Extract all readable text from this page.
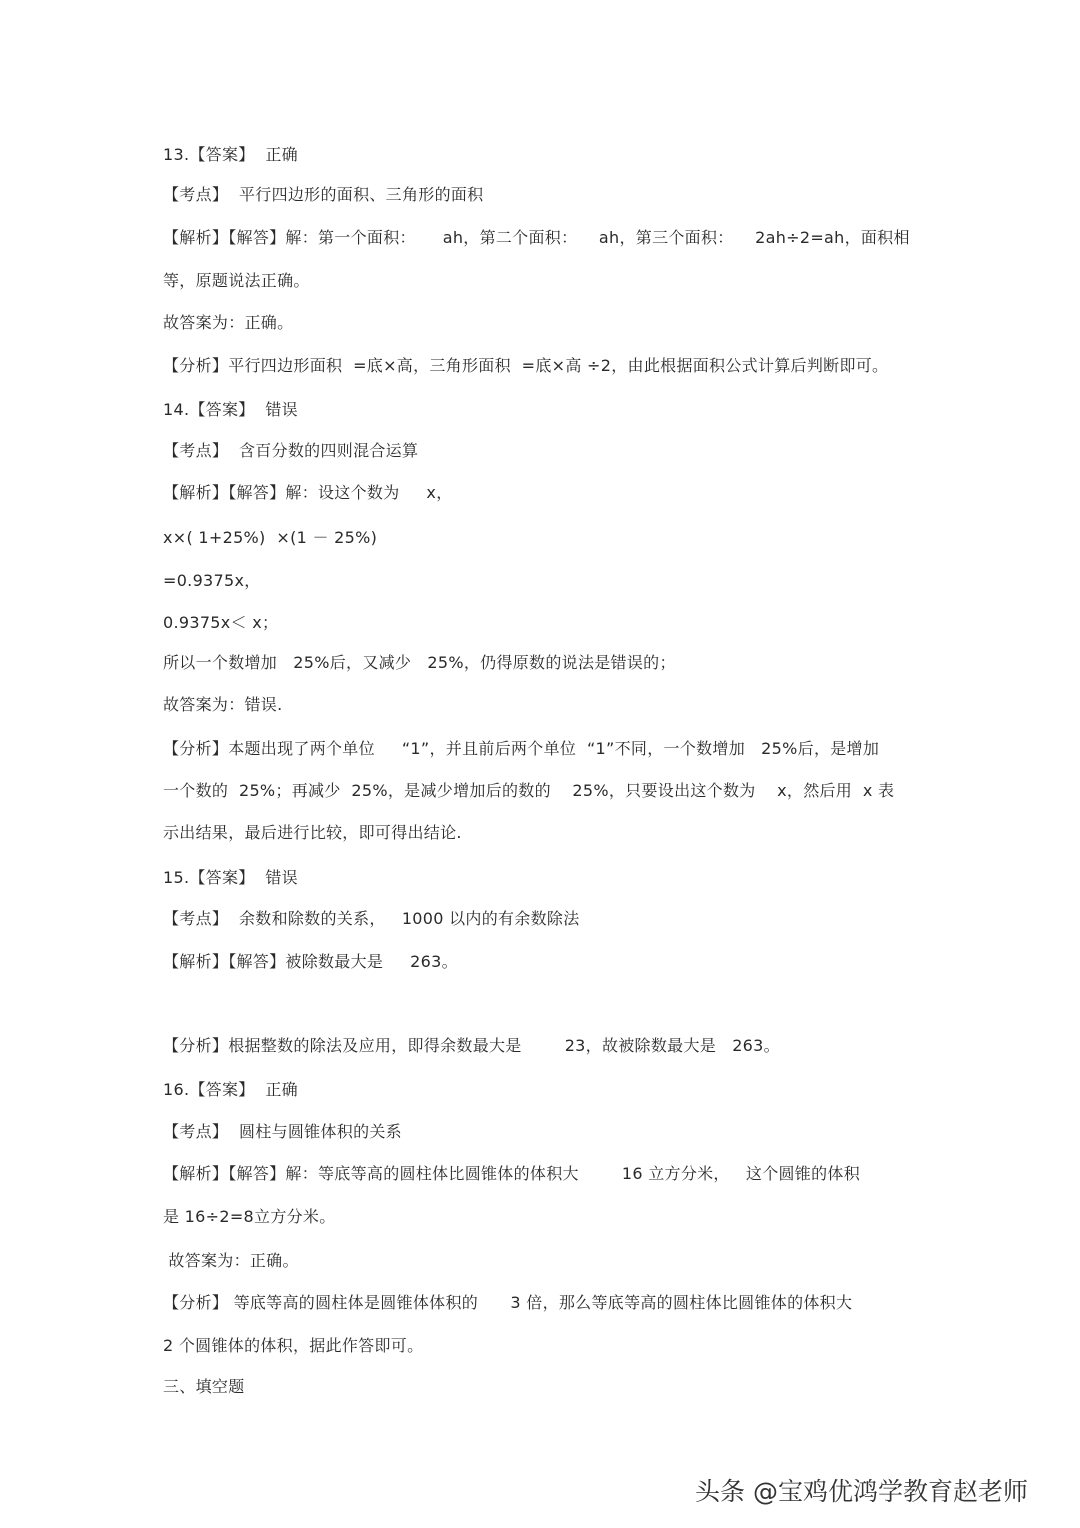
13.【答案】  正确
【考点】  平行四边形的面积、三角形的面积
【解析】【解答】解：第一个面积：     ah，第二个面积：    ah，第三个面积：    2ah÷2=ah，面积相
等，原题说法正确。
故答案为：正确。
【分析】平行四边形面积  =底×高，三角形面积  =底×高 ÷2，由此根据面积公式计算后判断即可。
14.【答案】  错误
【考点】  含百分数的四则混合运算
【解析】【解答】解：设这个数为     x，
x×( 1+25%)  ×(1 － 25%)
=0.9375x，
0.9375x＜ x；
所以一个数增加   25%后，又减少   25%，仍得原数的说法是错误的；
故答案为：错误.
【分析】本题出现了两个单位     “1”，并且前后两个单位  “1”不同，一个数增加   25%后，是增加
一个数的  25%；再减少  25%，是减少增加后的数的    25%，只要设出这个数为    x，然后用  x 表
示出结果，最后进行比较，即可得出结论.
15.【答案】  错误
【考点】  余数和除数的关系，   1000 以内的有余数除法
【解析】【解答】被除数最大是     263。
【分析】根据整数的除法及应用，即得余数最大是        23，故被除数最大是   263。
16.【答案】  正确
【考点】  圆柱与圆锥体积的关系
【解析】【解答】解：等底等高的圆柱体比圆锥体的体积大        16 立方分米，   这个圆锥的体积
是 16÷2=8立方分米。
故答案为：正确。
【分析】 等底等高的圆柱体是圆锥体体积的      3 倍，那么等底等高的圆柱体比圆锥体的体积大
2 个圆锥体的体积，据此作答即可。
三、填空题
头条 @宝鸡优鸿学教育赵老师
